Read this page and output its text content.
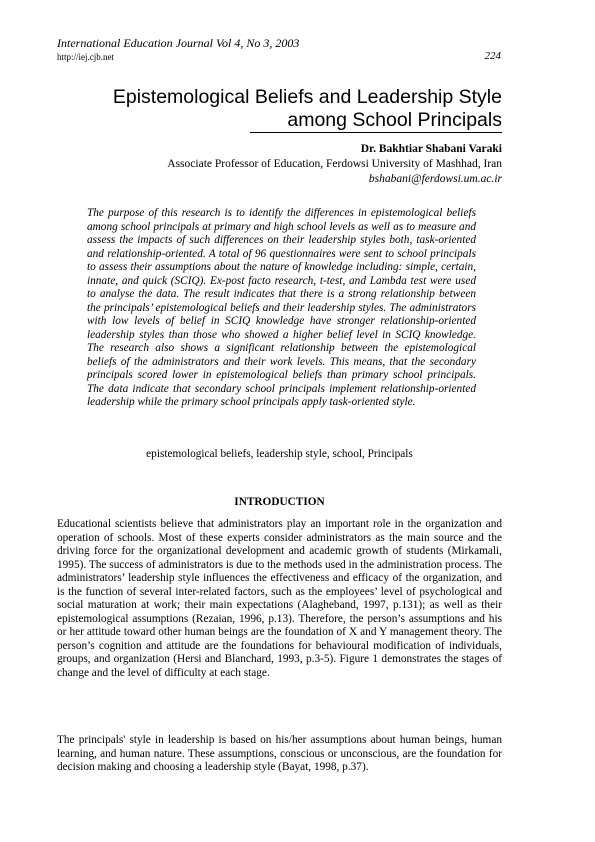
International Education Journal Vol 4, No 3, 2003
http://iej.cjb.net	224
Epistemological Beliefs and Leadership Style among School Principals
Dr. Bakhtiar Shabani Varaki
Associate Professor of Education, Ferdowsi University of Mashhad, Iran
bshabani@ferdowsi.um.ac.ir

The purpose of this research is to identify the differences in epistemological beliefs among school principals at primary and high school levels as well as to measure and assess the impacts of such differences on their leadership styles both, task-oriented and relationship-oriented. A total of 96 questionnaires were sent to school principals to assess their assumptions about the nature of knowledge including: simple, certain, innate, and quick (SCIQ). Ex-post facto research, t-test, and Lambda test were used to analyse the data. The result indicates that there is a strong relationship between the principals’ epistemological beliefs and their leadership styles. The administrators with low levels of belief in SCIQ knowledge have stronger relationship-oriented leadership styles than those who showed a higher belief level in SCIQ knowledge. The research also shows a significant relationship between the epistemological beliefs of the administrators and their work levels. This means, that the secondary principals scored lower in epistemological beliefs than primary school principals. The data indicate that secondary school principals implement relationship-oriented leadership while the primary school principals apply task-oriented style.

epistemological beliefs, leadership style, school, Principals
INTRODUCTION

Educational scientists believe that administrators play an important role in the organization and operation of schools. Most of these experts consider administrators as the main source and the driving force for the organizational development and academic growth of students (Mirkamali, 1995). The success of administrators is due to the methods used in the administration process. The administrators’ leadership style influences the effectiveness and efficacy of the organization, and is the function of several inter-related factors, such as the employees’ level of psychological and social maturation at work; their main expectations (Alagheband, 1997, p.131); as well as their epistemological assumptions (Rezaian, 1996, p.13). Therefore, the person’s assumptions and his or her attitude toward other human beings are the foundation of X and Y management theory. The person’s cognition and attitude are the foundations for behavioural modification of individuals, groups, and organization (Hersi and Blanchard, 1993, p.3-5). Figure 1 demonstrates the stages of change and the level of difficulty at each stage.

The principals' style in leadership is based on his/her assumptions about human beings, human learning, and human nature. These assumptions, conscious or unconscious, are the foundation for decision making and choosing a leadership style (Bayat, 1998, p.37).
